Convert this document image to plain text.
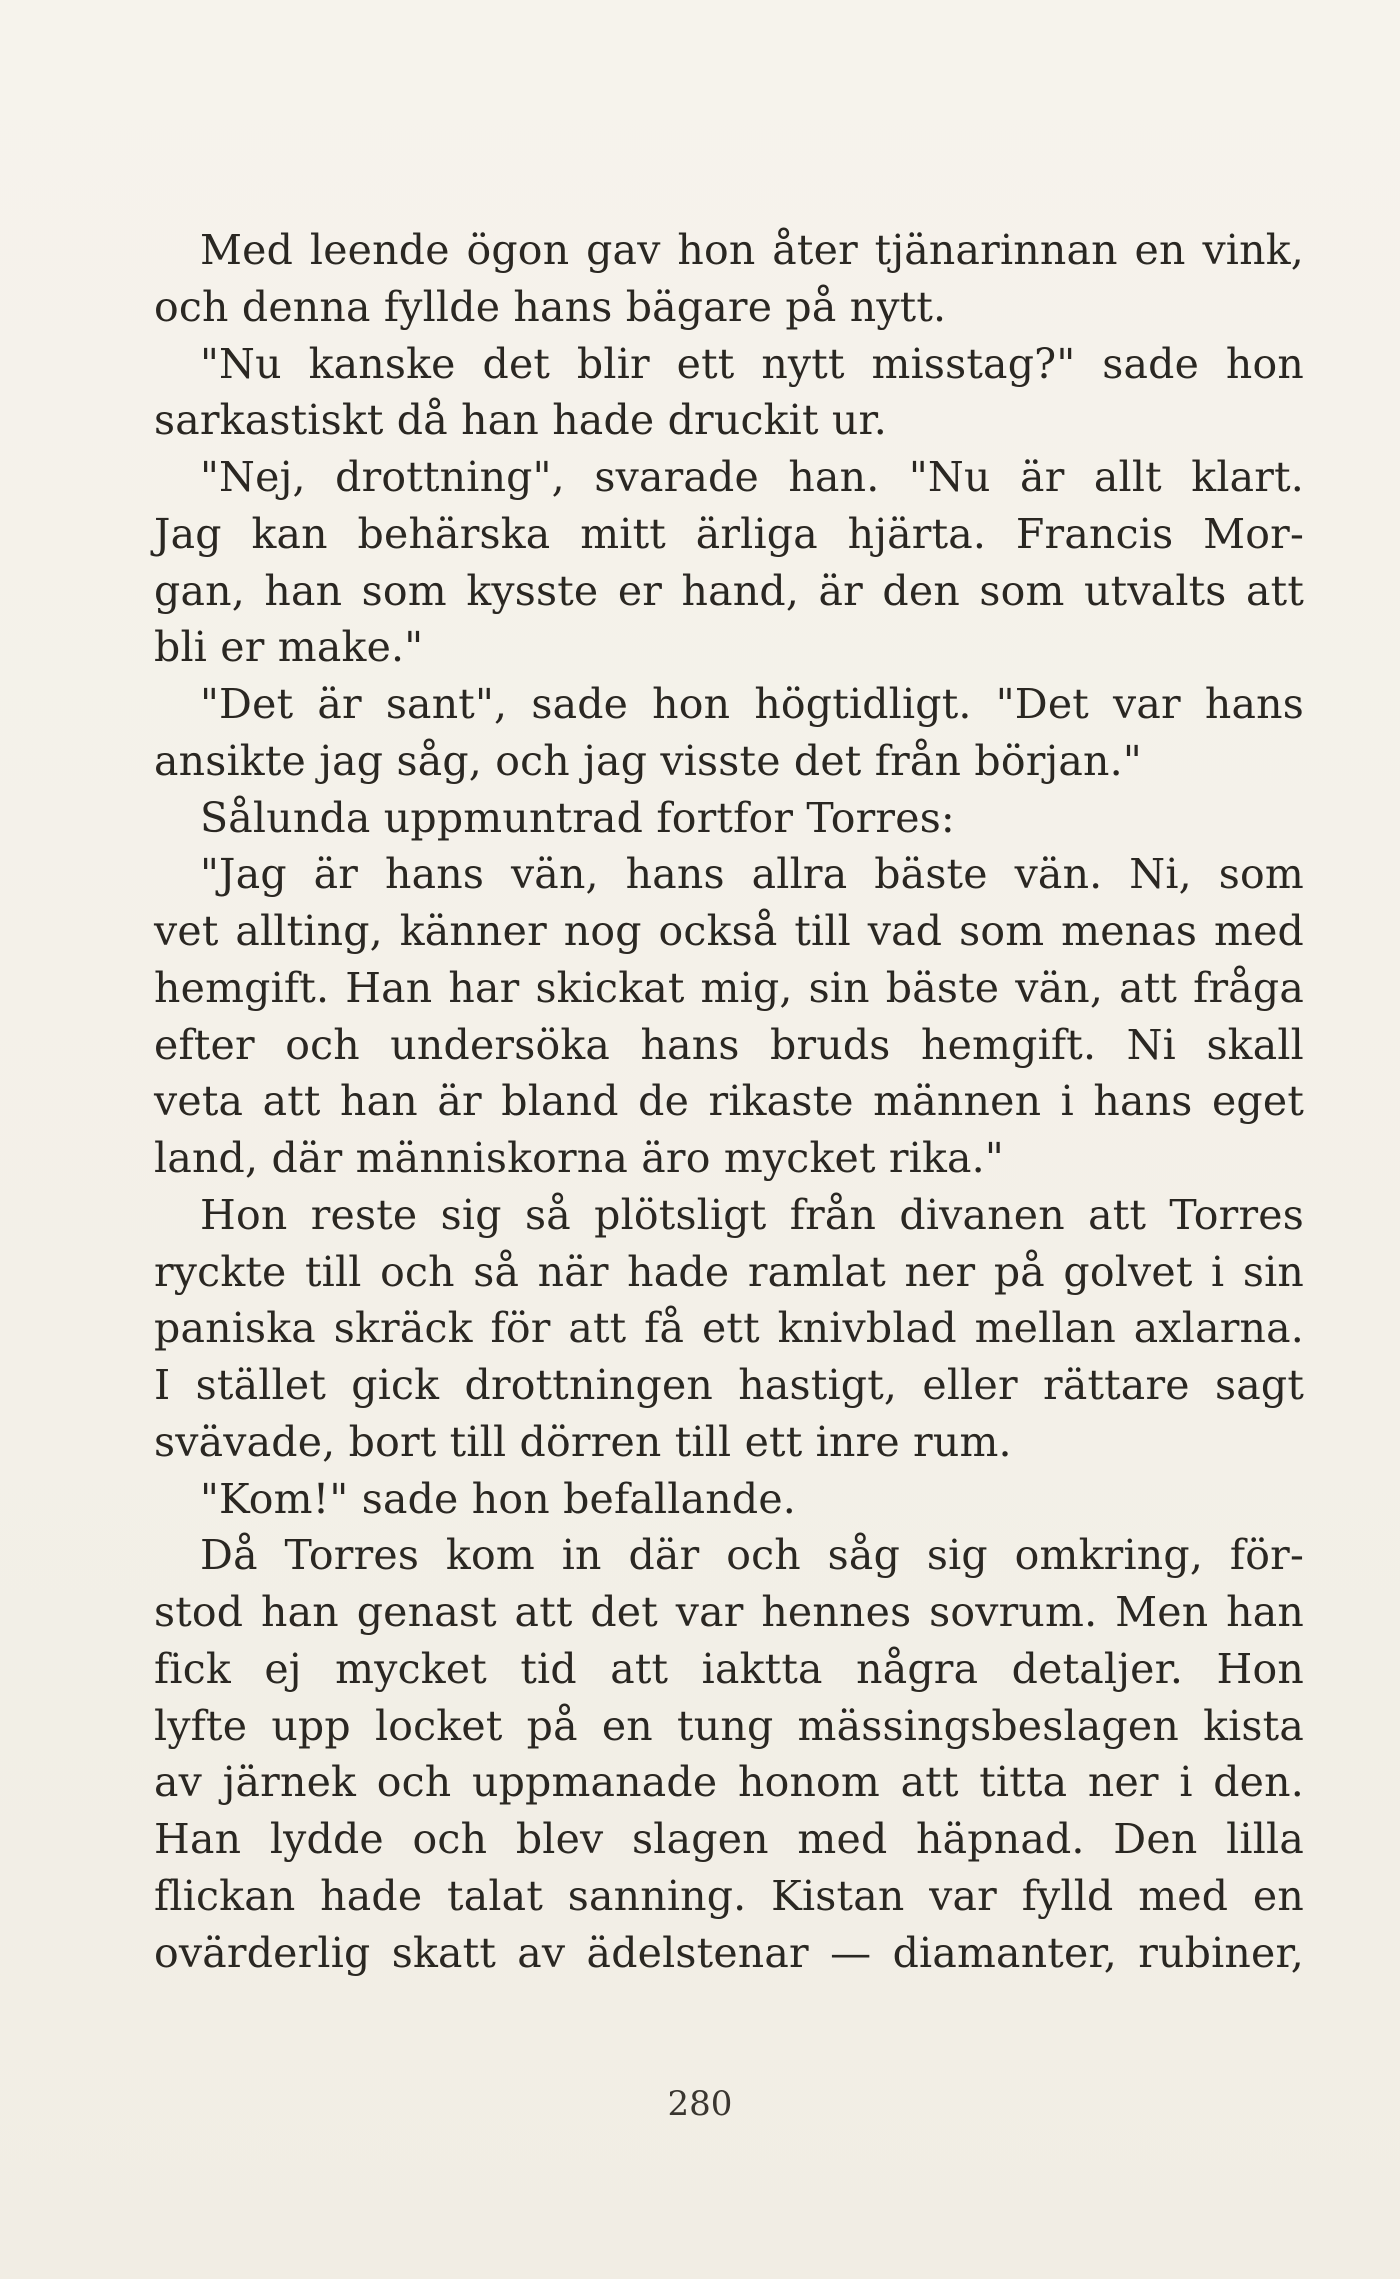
Med leende ögon gav hon åter tjänarinnan en vink,
och denna fyllde hans bägare på nytt.
"Nu kanske det blir ett nytt misstag?" sade hon
sarkastiskt då han hade druckit ur.
"Nej, drottning", svarade han. "Nu är allt klart.
Jag kan behärska mitt ärliga hjärta. Francis Mor-
gan, han som kysste er hand, är den som utvalts att
bli er make."
"Det är sant", sade hon högtidligt. "Det var hans
ansikte jag såg, och jag visste det från början."
Sålunda uppmuntrad fortfor Torres:
"Jag är hans vän, hans allra bäste vän. Ni, som
vet allting, känner nog också till vad som menas med
hemgift. Han har skickat mig, sin bäste vän, att fråga
efter och undersöka hans bruds hemgift. Ni skall
veta att han är bland de rikaste männen i hans eget
land, där människorna äro mycket rika."
Hon reste sig så plötsligt från divanen att Torres
ryckte till och så när hade ramlat ner på golvet i sin
paniska skräck för att få ett knivblad mellan axlarna.
I stället gick drottningen hastigt, eller rättare sagt
svävade, bort till dörren till ett inre rum.
"Kom!" sade hon befallande.
Då Torres kom in där och såg sig omkring, för-
stod han genast att det var hennes sovrum. Men han
fick ej mycket tid att iaktta några detaljer. Hon
lyfte upp locket på en tung mässingsbeslagen kista
av järnek och uppmanade honom att titta ner i den.
Han lydde och blev slagen med häpnad. Den lilla
flickan hade talat sanning. Kistan var fylld med en
ovärderlig skatt av ädelstenar — diamanter, rubiner,
280
